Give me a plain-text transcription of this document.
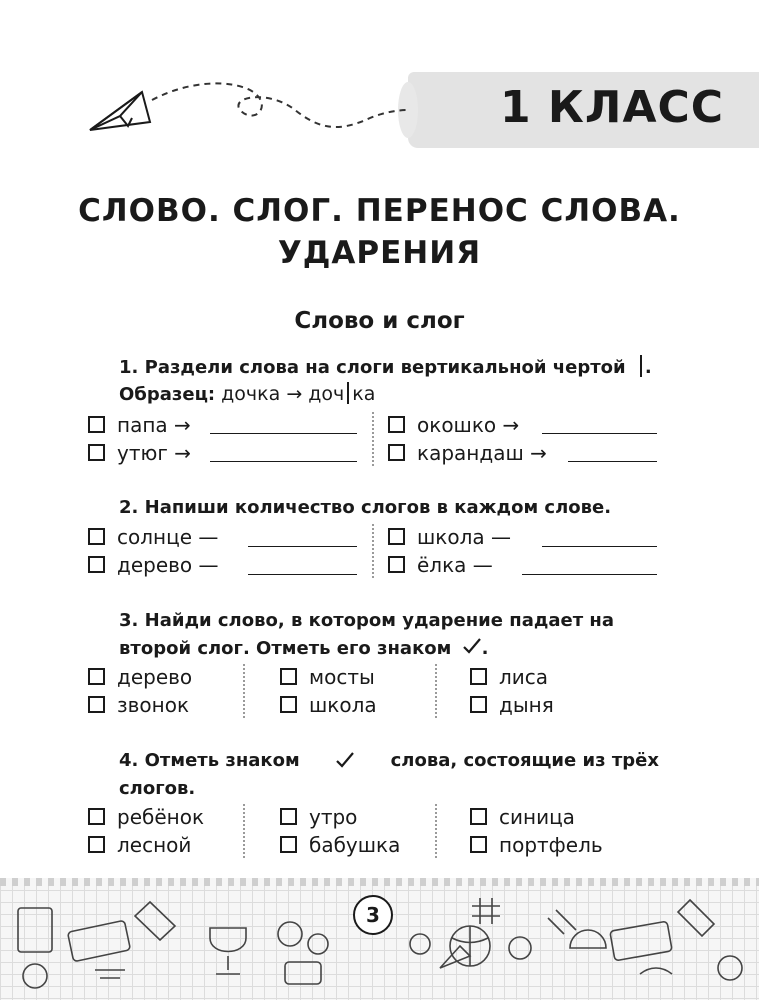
1 КЛАСС
СЛОВО. СЛОГ. ПЕРЕНОС СЛОВА.
УДАРЕНИЯ
Слово и слог
1. Раздели слова на слоги вертикальной чертой .
Образец: дочка → доч ка
папа →
утюг →
окошко →
карандаш →
2. Напиши количество слогов в каждом слове.
солнце —
дерево —
школа —
ёлка —
3. Найди слово, в котором ударение падает на
второй слог. Отметь его знаком .
дерево
звонок
мосты
школа
лиса
дыня
4. Отметь знаком	слова, состоящие из трёх
слогов.
ребёнок
лесной
утро
бабушка
синица
портфель
3
